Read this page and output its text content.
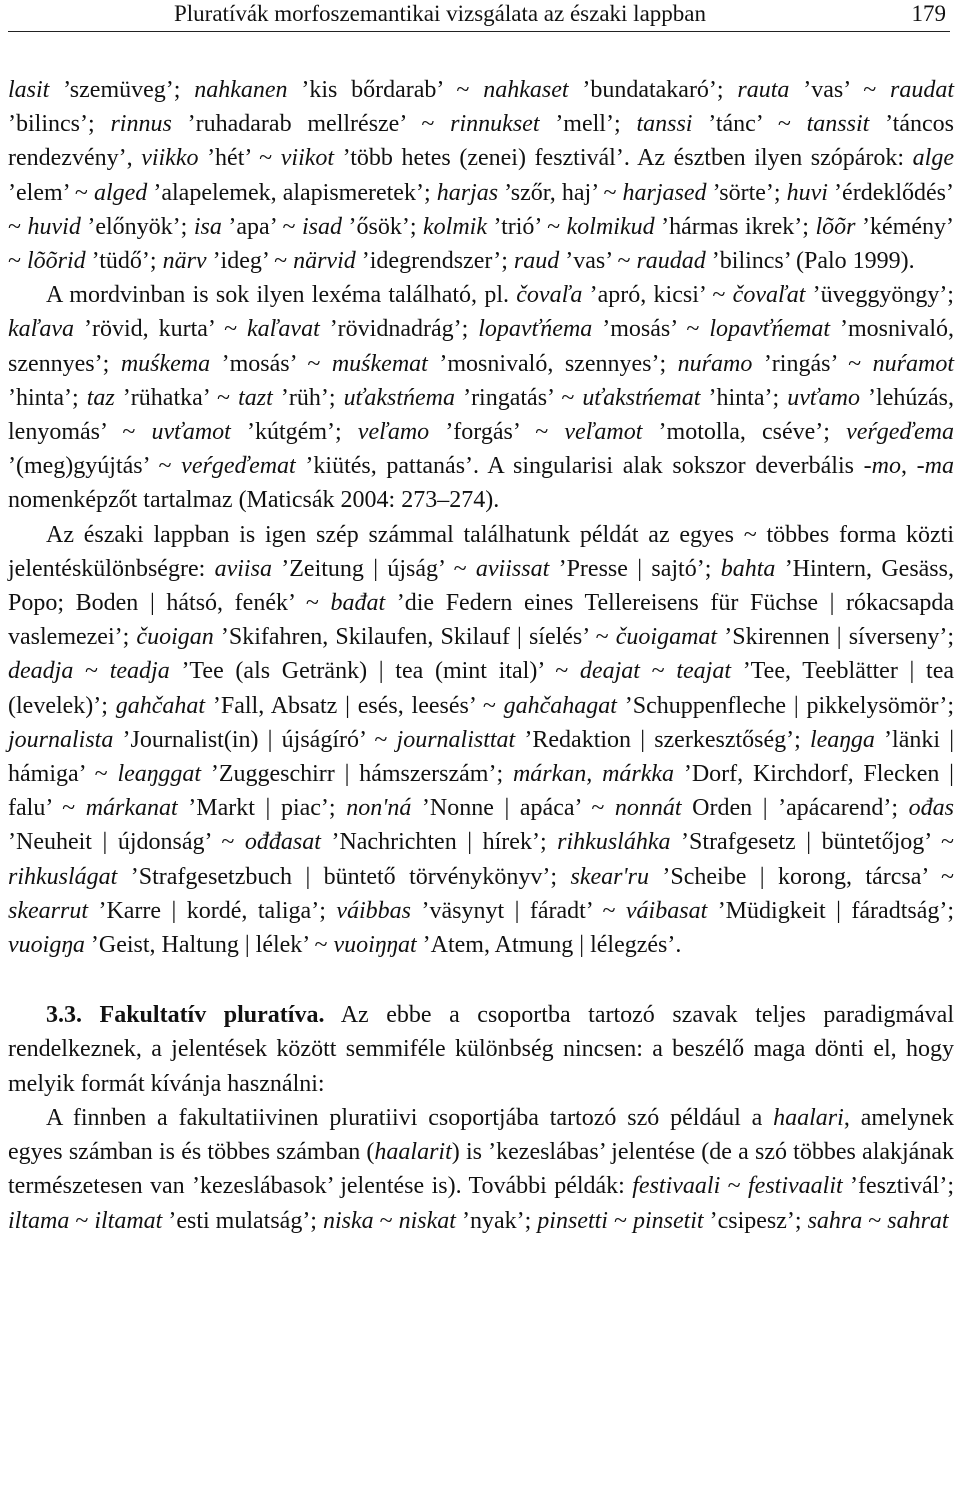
Pluratívák morfoszemantikai vizsgálata az északi lappban	179

lasit ’szemüveg’; nahkanen ’kis bőrdarab’ ~ nahkaset ’bundatakaró’; rauta ’vas’ ~ raudat ’bilincs’; rinnus ’ruhadarab mellrésze’ ~ rinnukset ’mell’; tanssi ’tánc’ ~ tanssit ’táncos rendezvény’, viikko ’hét’ ~ viikot ’több hetes (zenei) fesztivál’. Az észtben ilyen szópárok: alge ’elem’ ~ alged ’alapelemek, alapismeretek’; harjas ’szőr, haj’ ~ harjased ’sörte’; huvi ’érdeklődés’ ~ huvid ’előnyök’; isa ’apa’ ~ isad ’ősök’; kolmik ’trió’ ~ kolmikud ’hármas ikrek’; lõõr ’kémény’ ~ lõõrid ’tüdő’; närv ’ideg’ ~ närvid ’idegrendszer’; raud ’vas’ ~ raudad ’bilincs’ (Palo 1999).

A mordvinban is sok ilyen lexéma található, pl. čovaľa ’apró, kicsi’ ~ čovaľat ’üveggyöngy’; kaľava ’rövid, kurta’ ~ kaľavat ’rövidnadrág’; lopavťńema ’mosás’ ~ lopavťńemat ’mosnivaló, szennyes’; muśkema ’mosás’ ~ muśkemat ’mosnivaló, szennyes’; nuŕamo ’ringás’ ~ nuŕamot ’hinta’; taz ’rühatka’ ~ tazt ’rüh’; uťakstńema ’ringatás’ ~ uťakstńemat ’hinta’; uvťamo ’lehúzás, lenyomás’ ~ uvťamot ’kútgém’; veľamo ’forgás’ ~ veľamot ’motolla, cséve’; veŕgeďema ’(meg)gyújtás’ ~ veŕgeďemat ’kiütés, pattanás’. A singularisi alak sokszor deverbális -mo, -ma nomenképzőt tartalmaz (Maticsák 2004: 273–274).

Az északi lappban is igen szép számmal találhatunk példát az egyes ~ többes forma közti jelentéskülönbségre: aviisa ’Zeitung | újság’ ~ aviissat ’Presse | sajtó’; bahta ’Hintern, Gesäss, Popo; Boden | hátsó, fenék’ ~ bađat ’die Federn eines Tellereisens für Füchse | rókacsapda vaslemezei’; čuoigan ’Skifahren, Skilaufen, Skilauf | síelés’ ~ čuoigamat ’Skirennen | síverseny’; deadja ~ teadja ’Tee (als Getränk) | tea (mint ital)’ ~ deajat ~ teajat ’Tee, Teeblätter | tea (levelek)’; gahčahat ’Fall, Absatz | esés, leesés’ ~ gahčahagat ’Schuppenfleche | pikkelysömör’; journalista ’Journalist(in) | újságíró’ ~ journalisttat ’Redaktion | szerkesztőség’; leaŋga ’länki | hámiga’ ~ leaŋggat ’Zuggeschirr | hámszerszám’; márkan, márkka ’Dorf, Kirchdorf, Flecken | falu’ ~ márkanat ’Markt | piac’; non'ná ’Nonne | apáca’ ~ nonnát Orden | ’apácarend’; ođas ’Neuheit | újdonság’ ~ ođđasat ’Nachrichten | hírek’; rihkusláhka ’Strafgesetz | büntetőjog’ ~ rihkuslágat ’Strafgesetzbuch | büntető törvénykönyv’; skear'ru ’Scheibe | korong, tárcsa’ ~ skearrut ’Karre | kordé, taliga’; váibbas ’väsynyt | fáradt’ ~ váibasat ’Müdigkeit | fáradtság’; vuoigŋa ’Geist, Haltung | lélek’ ~ vuoiŋŋat ’Atem, Atmung | lélegzés’.

3.3. Fakultatív pluratíva. Az ebbe a csoportba tartozó szavak teljes paradigmával rendelkeznek, a jelentések között semmiféle különbség nincsen: a beszélő maga dönti el, hogy melyik formát kívánja használni:

A finnben a fakultatiivinen pluratiivi csoportjába tartozó szó például a haalari, amelynek egyes számban is és többes számban (haalarit) is ’kezeslábas’ jelentése (de a szó többes alakjának természetesen van ’kezeslábasok’ jelentése is). További példák: festivaali ~ festivaalit ’fesztivál’; iltama ~ iltamat ’esti mulatság’; niska ~ niskat ’nyak’; pinsetti ~ pinsetit ’csipesz’; sahra ~ sahrat
